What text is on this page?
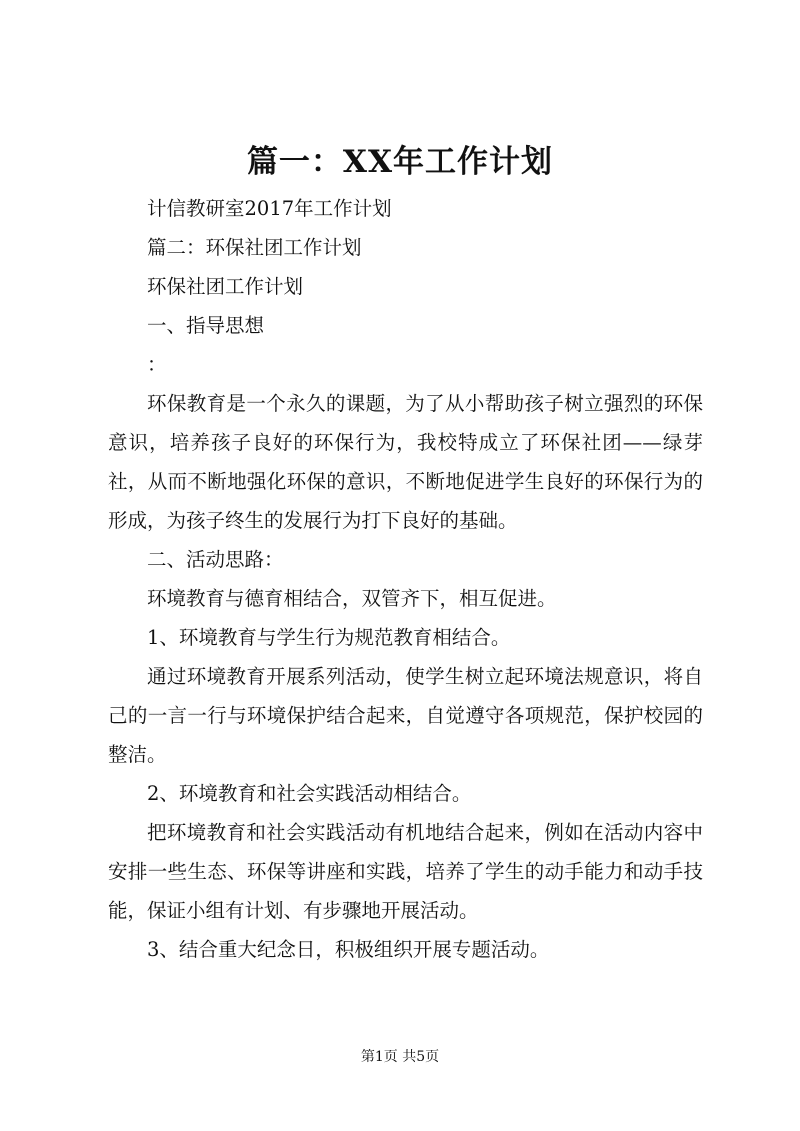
篇一：XX年工作计划

计信教研室2017年工作计划

篇二：环保社团工作计划

环保社团工作计划

一、指导思想

：

环保教育是一个永久的课题，为了从小帮助孩子树立强烈的环保意识，培养孩子良好的环保行为，我校特成立了环保社团——绿芽社，从而不断地强化环保的意识，不断地促进学生良好的环保行为的形成，为孩子终生的发展行为打下良好的基础。

二、活动思路：

环境教育与德育相结合，双管齐下，相互促进。

1、环境教育与学生行为规范教育相结合。

通过环境教育开展系列活动，使学生树立起环境法规意识，将自己的一言一行与环境保护结合起来，自觉遵守各项规范，保护校园的整洁。

2、环境教育和社会实践活动相结合。

把环境教育和社会实践活动有机地结合起来，例如在活动内容中安排一些生态、环保等讲座和实践，培养了学生的动手能力和动手技能，保证小组有计划、有步骤地开展活动。

3、结合重大纪念日，积极组织开展专题活动。

第1页 共5页
